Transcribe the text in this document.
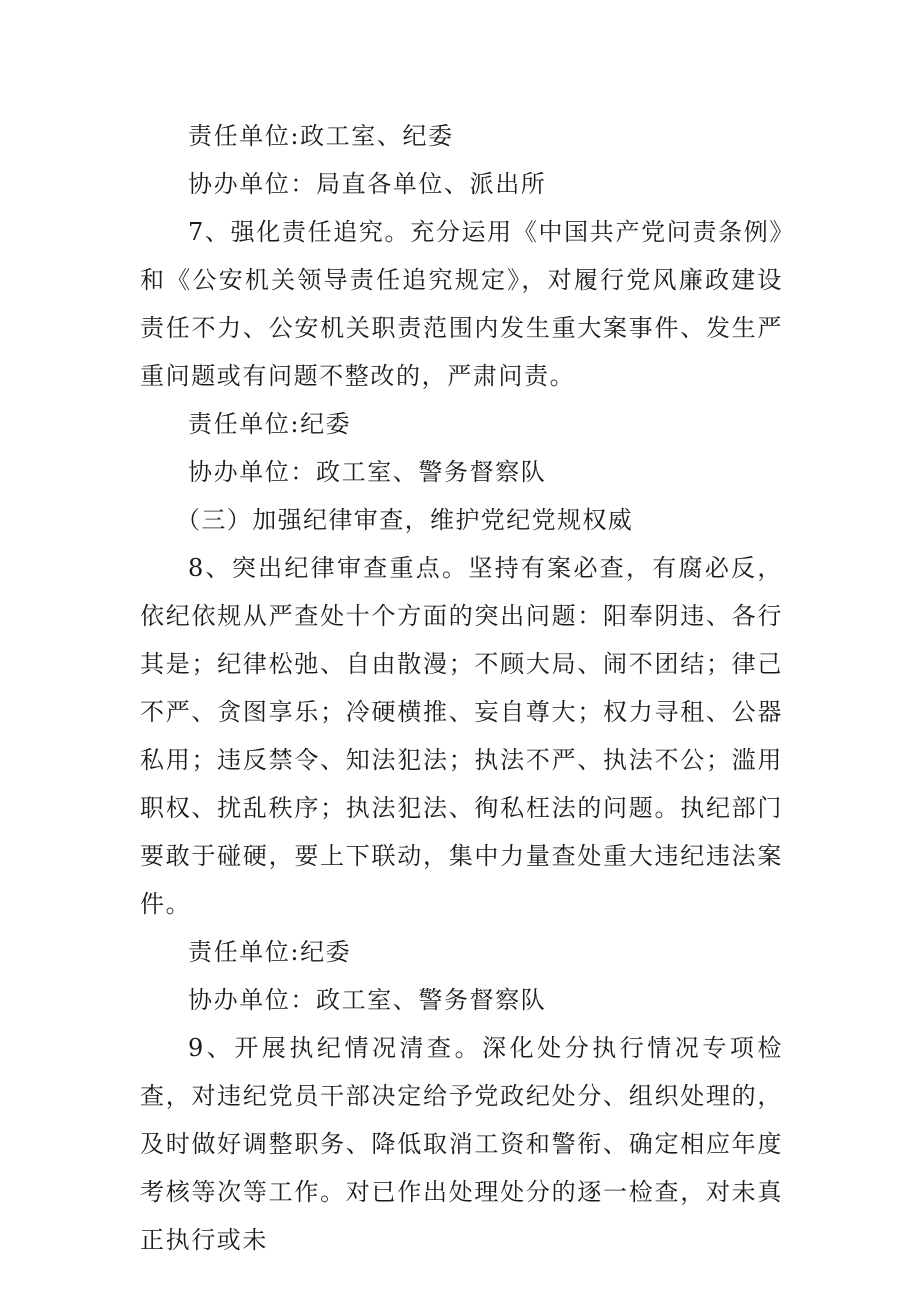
责任单位:政工室、纪委

协办单位：局直各单位、派出所

7、强化责任追究。充分运用《中国共产党问责条例》和《公安机关领导责任追究规定》，对履行党风廉政建设责任不力、公安机关职责范围内发生重大案事件、发生严重问题或有问题不整改的，严肃问责。

责任单位:纪委

协办单位：政工室、警务督察队

（三）加强纪律审查，维护党纪党规权威

8、突出纪律审查重点。坚持有案必查，有腐必反，依纪依规从严查处十个方面的突出问题：阳奉阴违、各行其是；纪律松弛、自由散漫；不顾大局、闹不团结；律己不严、贪图享乐；冷硬横推、妄自尊大；权力寻租、公器私用；违反禁令、知法犯法；执法不严、执法不公；滥用职权、扰乱秩序；执法犯法、徇私枉法的问题。执纪部门要敢于碰硬，要上下联动，集中力量查处重大违纪违法案件。

责任单位:纪委

协办单位：政工室、警务督察队

9、开展执纪情况清查。深化处分执行情况专项检查，对违纪党员干部决定给予党政纪处分、组织处理的，及时做好调整职务、降低取消工资和警衔、确定相应年度考核等次等工作。对已作出处理处分的逐一检查，对未真正执行或未
